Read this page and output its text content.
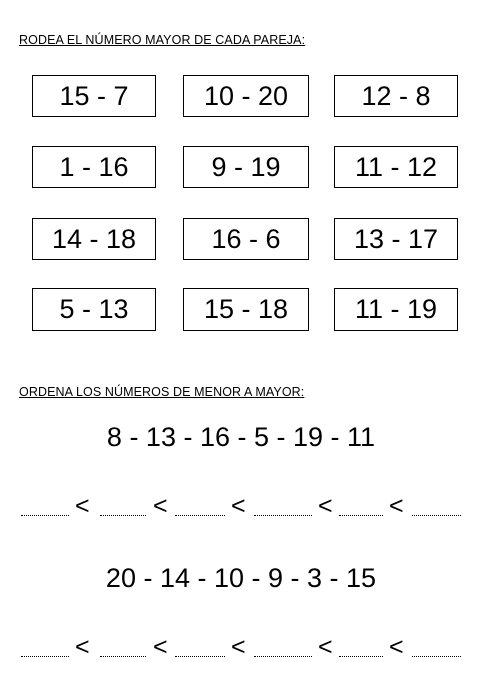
RODEA EL NÚMERO MAYOR DE CADA PAREJA:
15 - 7	10 - 20	12 - 8
1 - 16	9 - 19	11 - 12
14 - 18	16 - 6	13 - 17
5 - 13	15 - 18	11 - 19
ORDENA LOS NÚMEROS DE MENOR A MAYOR:
8 - 13 - 16 - 5 - 19 - 11
<	<	<	< <
20 - 14 - 10 - 9 - 3 - 15
<	<	<	< <
